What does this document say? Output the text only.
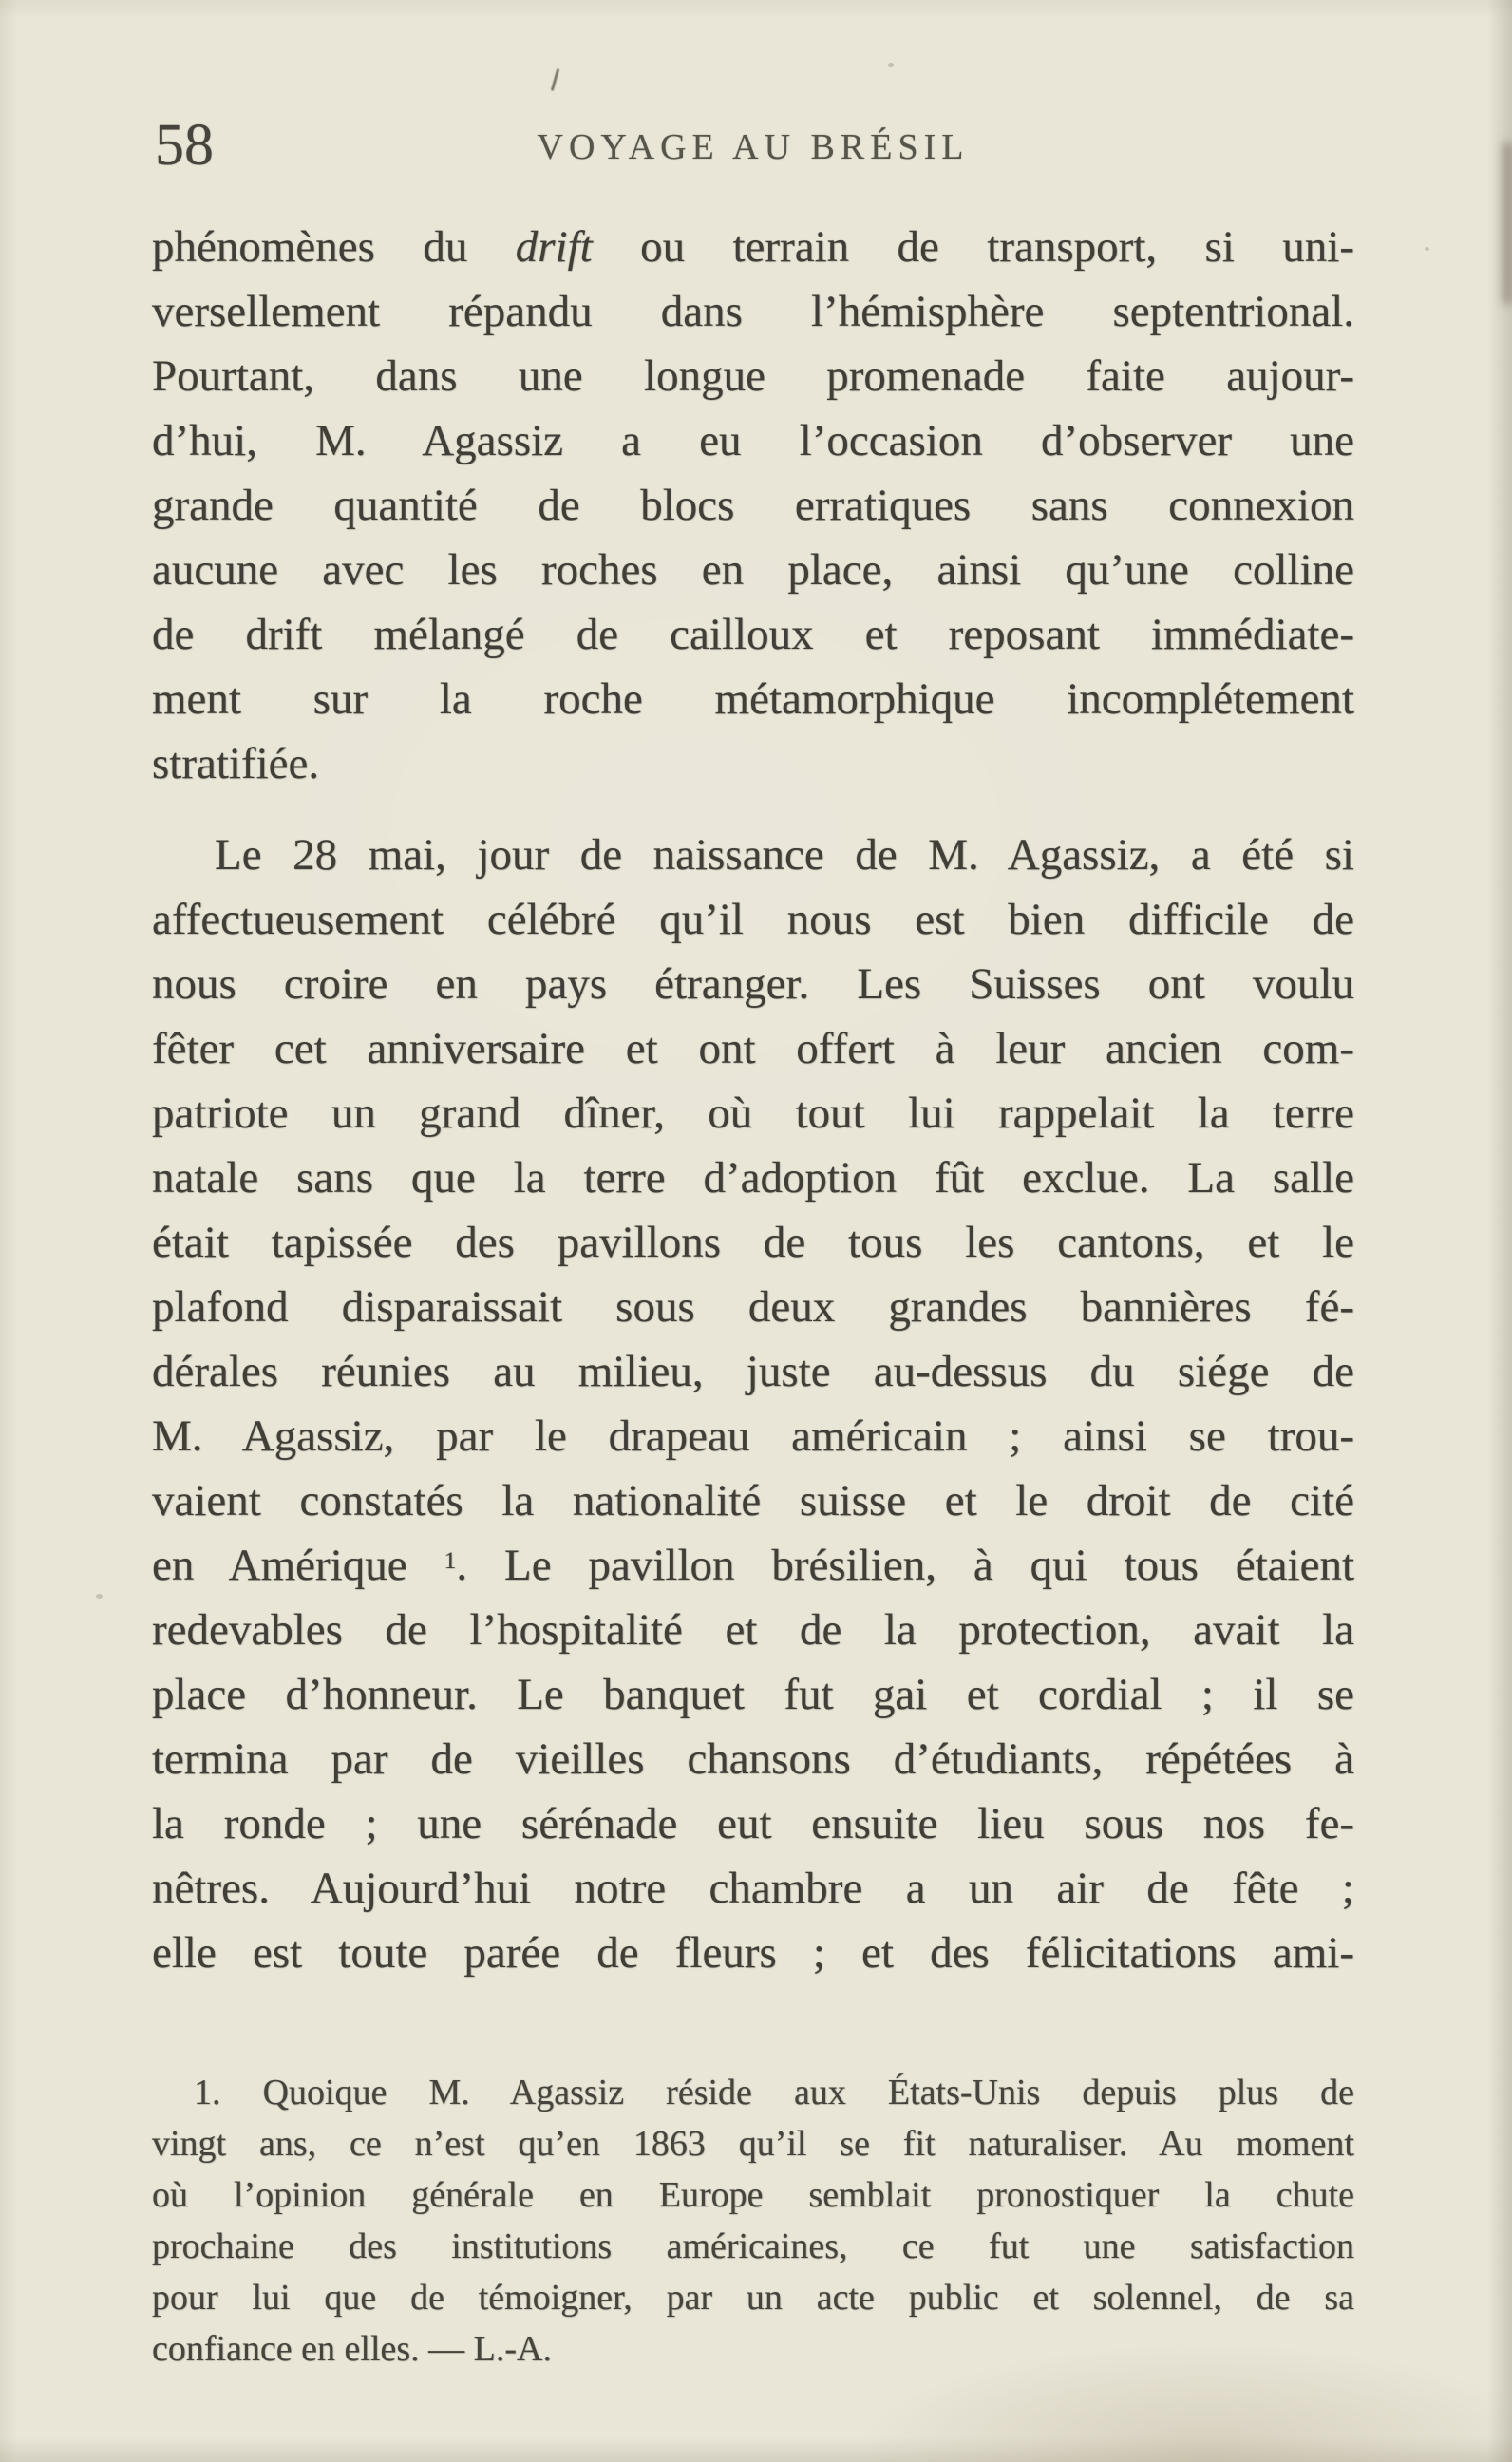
58	VOYAGE AU BRÉSIL
phénomènes du drift ou terrain de transport, si uni-
versellement répandu dans l’hémisphère septentrional.
Pourtant, dans une longue promenade faite aujour-
d’hui, M. Agassiz a eu l’occasion d’observer une
grande quantité de blocs erratiques sans connexion
aucune avec les roches en place, ainsi qu’une colline
de drift mélangé de cailloux et reposant immédiate-
ment sur la roche métamorphique incomplétement
stratifiée.
Le 28 mai, jour de naissance de M. Agassiz, a été si
affectueusement célébré qu’il nous est bien difficile de
nous croire en pays étranger. Les Suisses ont voulu
fêter cet anniversaire et ont offert à leur ancien com-
patriote un grand dîner, où tout lui rappelait la terre
natale sans que la terre d’adoption fût exclue. La salle
était tapissée des pavillons de tous les cantons, et le
plafond disparaissait sous deux grandes bannières fé-
dérales réunies au milieu, juste au-dessus du siége de
M. Agassiz, par le drapeau américain ; ainsi se trou-
vaient constatés la nationalité suisse et le droit de cité
en Amérique $^1$. Le pavillon brésilien, à qui tous étaient
redevables de l’hospitalité et de la protection, avait la
place d’honneur. Le banquet fut gai et cordial ; il se
termina par de vieilles chansons d’étudiants, répétées à
la ronde ; une sérénade eut ensuite lieu sous nos fe-
nêtres. Aujourd’hui notre chambre a un air de fête ;
elle est toute parée de fleurs ; et des félicitations ami-
1. Quoique M. Agassiz réside aux États-Unis depuis plus de
vingt ans, ce n’est qu’en 1863 qu’il se fit naturaliser. Au moment
où l’opinion générale en Europe semblait pronostiquer la chute
prochaine des institutions américaines, ce fut une satisfaction
pour lui que de témoigner, par un acte public et solennel, de sa
confiance en elles. — L.-A.
